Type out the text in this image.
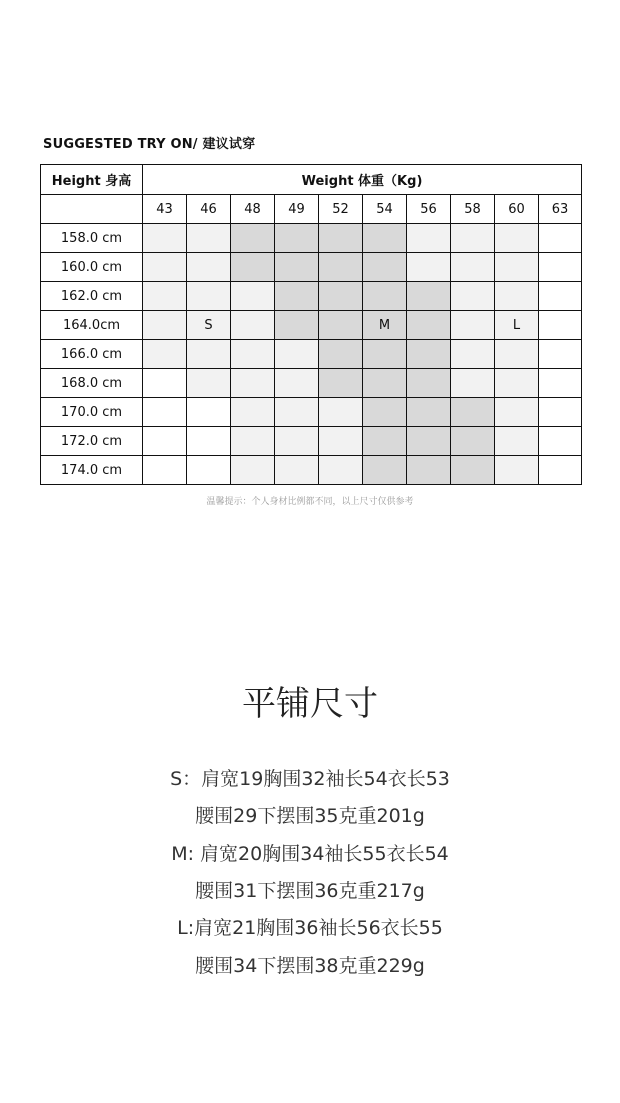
SUGGESTED TRY ON/ 建议试穿
Height 身高	Weight 体重（Kg)									
	43	46	48	49	52	54	56	58	60	63
158.0 cm										
160.0 cm										
162.0 cm										
164.0cm		S				M			L	
166.0 cm										
168.0 cm										
170.0 cm										
172.0 cm										
174.0 cm										
温馨提示：个人身材比例都不同，以上尺寸仅供参考
平铺尺寸
S：肩宽19胸围32袖长54衣长53
腰围29下摆围35克重201g
M: 肩宽20胸围34袖长55衣长54
腰围31下摆围36克重217g
L:肩宽21胸围36袖长56衣长55
腰围34下摆围38克重229g
